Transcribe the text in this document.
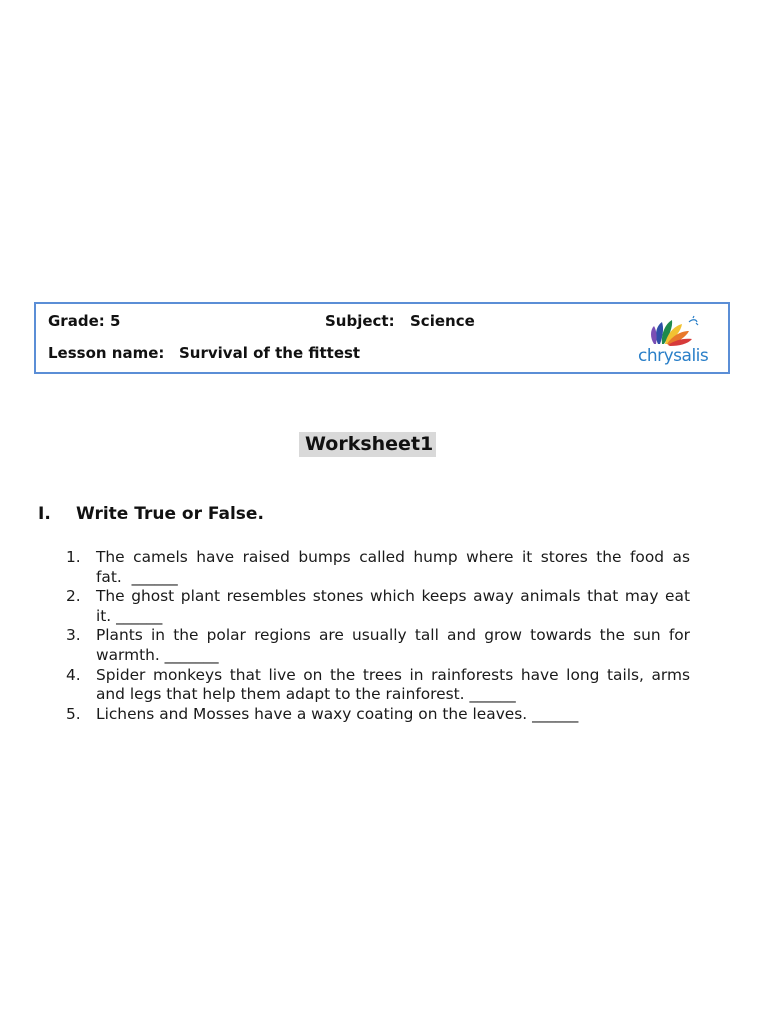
Grade: 5	Subject: Science
Lesson name: Survival of the fittest	chrysalis
Worksheet1
I. Write True or False.
1. The camels have raised bumps called hump where it stores the food as fat. ______
2. The ghost plant resembles stones which keeps away animals that may eat it. ______
3. Plants in the polar regions are usually tall and grow towards the sun for warmth. _______
4. Spider monkeys that live on the trees in rainforests have long tails, arms and legs that help them adapt to the rainforest. ______
5. Lichens and Mosses have a waxy coating on the leaves. ______
